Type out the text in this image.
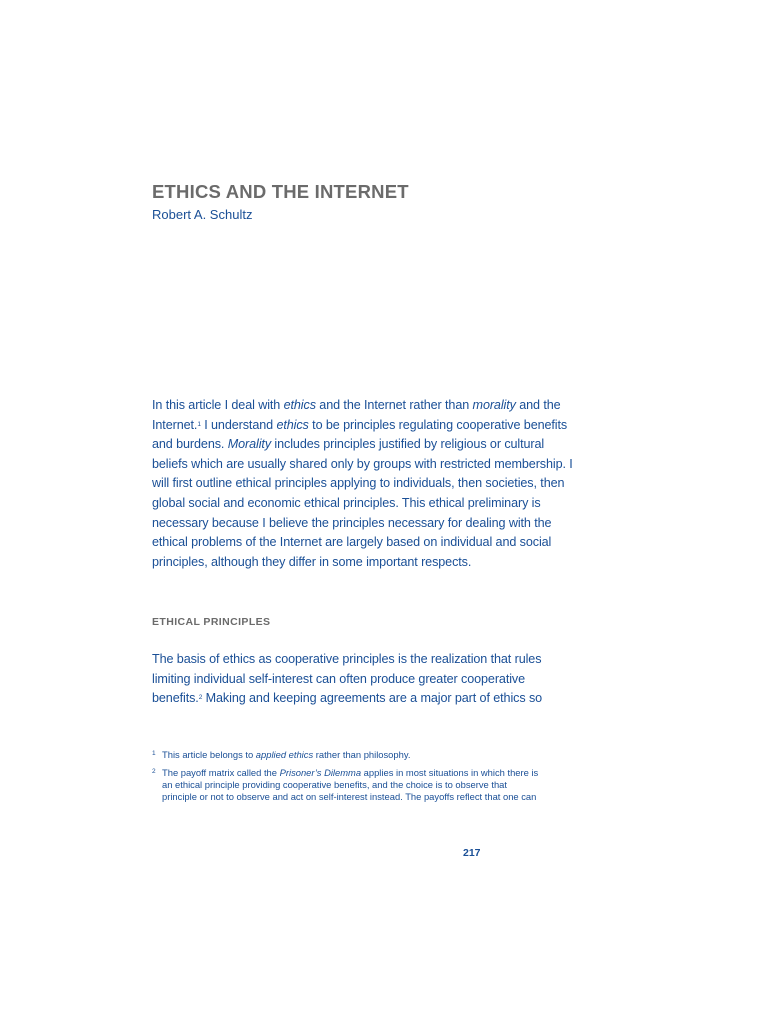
ETHICS AND THE INTERNET

Robert A. Schultz

In this article I deal with ethics and the Internet rather than morality and the
Internet.$^1$ I understand ethics to be principles regulating cooperative benefits
and burdens. Morality includes principles justified by religious or cultural
beliefs which are usually shared only by groups with restricted membership. I
will first outline ethical principles applying to individuals, then societies, then
global social and economic ethical principles. This ethical preliminary is
necessary because I believe the principles necessary for dealing with the
ethical problems of the Internet are largely based on individual and social
principles, although they differ in some important respects.
ETHICAL PRINCIPLES
The basis of ethics as cooperative principles is the realization that rules
limiting individual self-interest can often produce greater cooperative
benefits.$^2$ Making and keeping agreements are a major part of ethics so
1 This article belongs to applied ethics rather than philosophy.
2 The payoff matrix called the Prisoner’s Dilemma applies in most situations in which there is
an ethical principle providing cooperative benefits, and the choice is to observe that
principle or not to observe and act on self-interest instead. The payoffs reflect that one can

217
